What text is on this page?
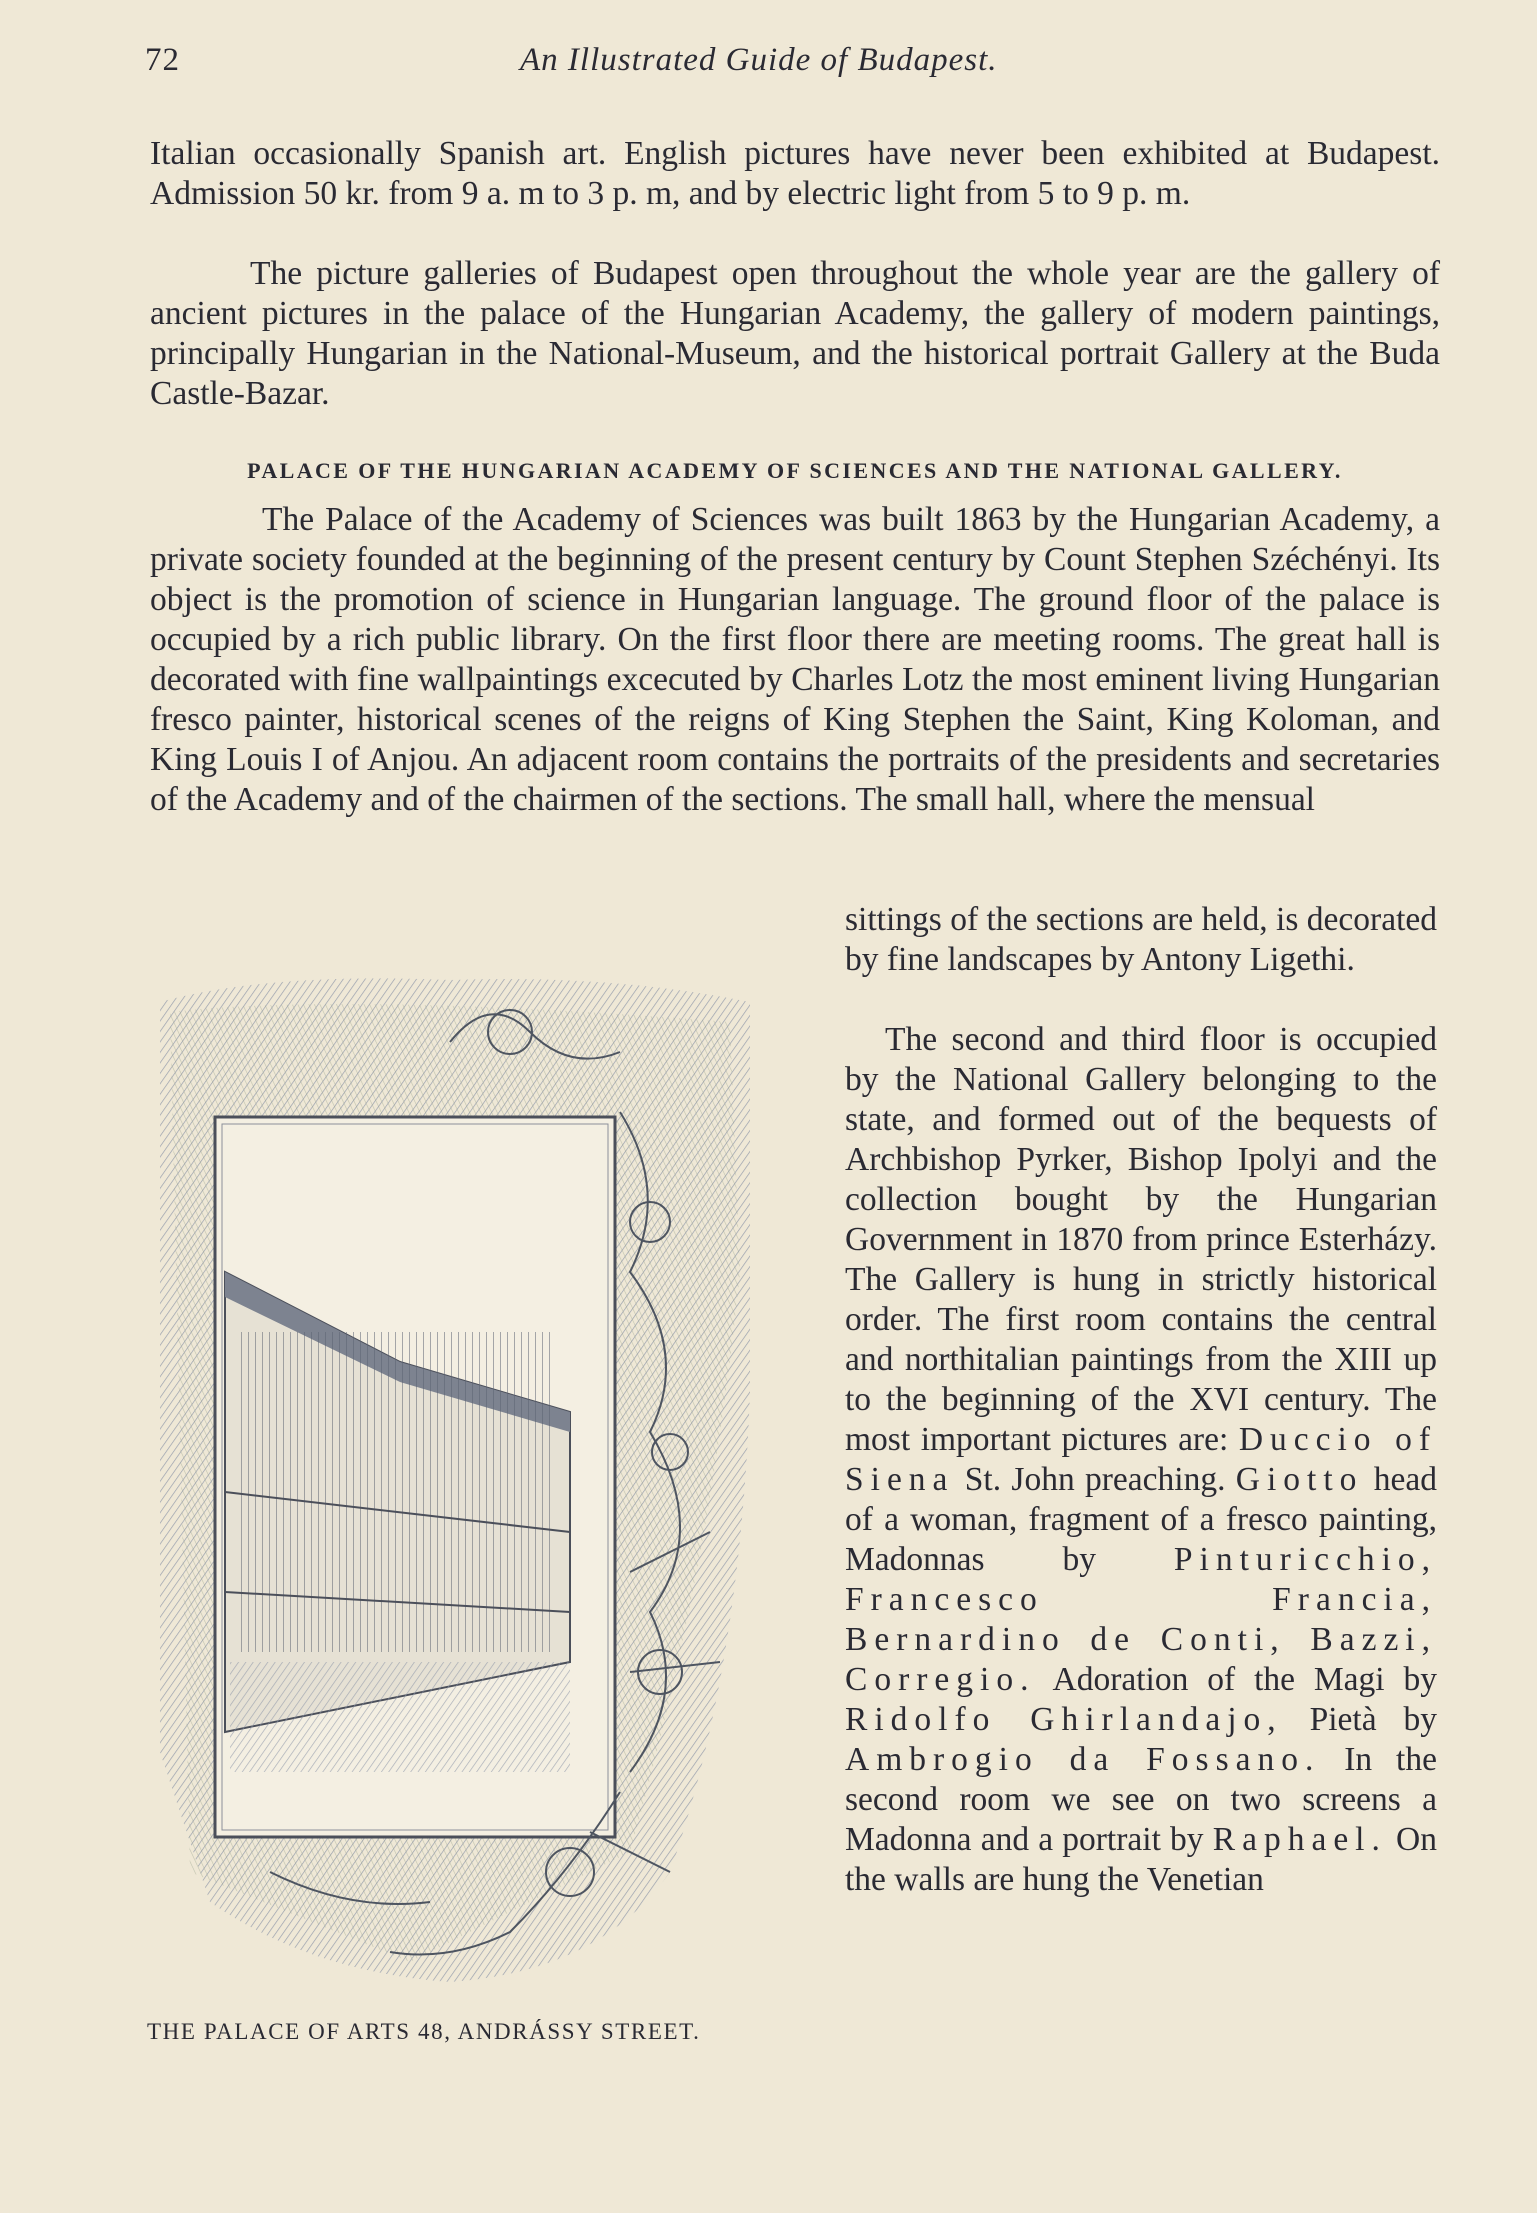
72	An Illustrated Guide of Budapest.

Italian occasionally Spanish art. English pictures have never been exhibited at Budapest. Admission 50 kr. from 9 a. m to 3 p. m, and by electric light from 5 to 9 p. m.

The picture galleries of Budapest open throughout the whole year are the gallery of ancient pictures in the palace of the Hungarian Academy, the gallery of modern paintings, principally Hungarian in the National-Museum, and the historical portrait Gallery at the Buda Castle-Bazar.

PALACE OF THE HUNGARIAN ACADEMY OF SCIENCES AND THE NATIONAL GALLERY.

The Palace of the Academy of Sciences was built 1863 by the Hungarian Academy, a private society founded at the beginning of the present century by Count Stephen Széchényi. Its object is the promotion of science in Hungarian language. The ground floor of the palace is occupied by a rich public library. On the first floor there are meeting rooms. The great hall is decorated with fine wallpaintings excecuted by Charles Lotz the most eminent living Hungarian fresco painter, historical scenes of the reigns of King Stephen the Saint, King Koloman, and King Louis I of Anjou. An adjacent room contains the portraits of the presidents and secretaries of the Academy and of the chairmen of the sections. The small hall, where the mensual

sittings of the sections are held, is decorated by fine landscapes by Antony Ligethi.

The second and third floor is occupied by the National Gallery belonging to the state, and formed out of the bequests of Archbishop Pyrker, Bishop Ipolyi and the collection bought by the Hungarian Government in 1870 from prince Esterházy. The Gallery is hung in strictly historical order. The first room contains the central and northitalian paintings from the XIII up to the beginning of the XVI century. The most important pictures are: Duccio of Siena St. John preaching. Giotto head of a woman, fragment of a fresco painting, Madonnas by Pinturicchio, Francesco Francia, Bernardino de Conti, Bazzi, Corregio. Adoration of the Magi by Ridolfo Ghirlandajo, Pietà by Ambrogio da Fossano. In the second room we see on two screens a Madonna and a portrait by Raphael. On the walls are hung the Venetian

THE PALACE OF ARTS 48, ANDRÁSSY STREET.
